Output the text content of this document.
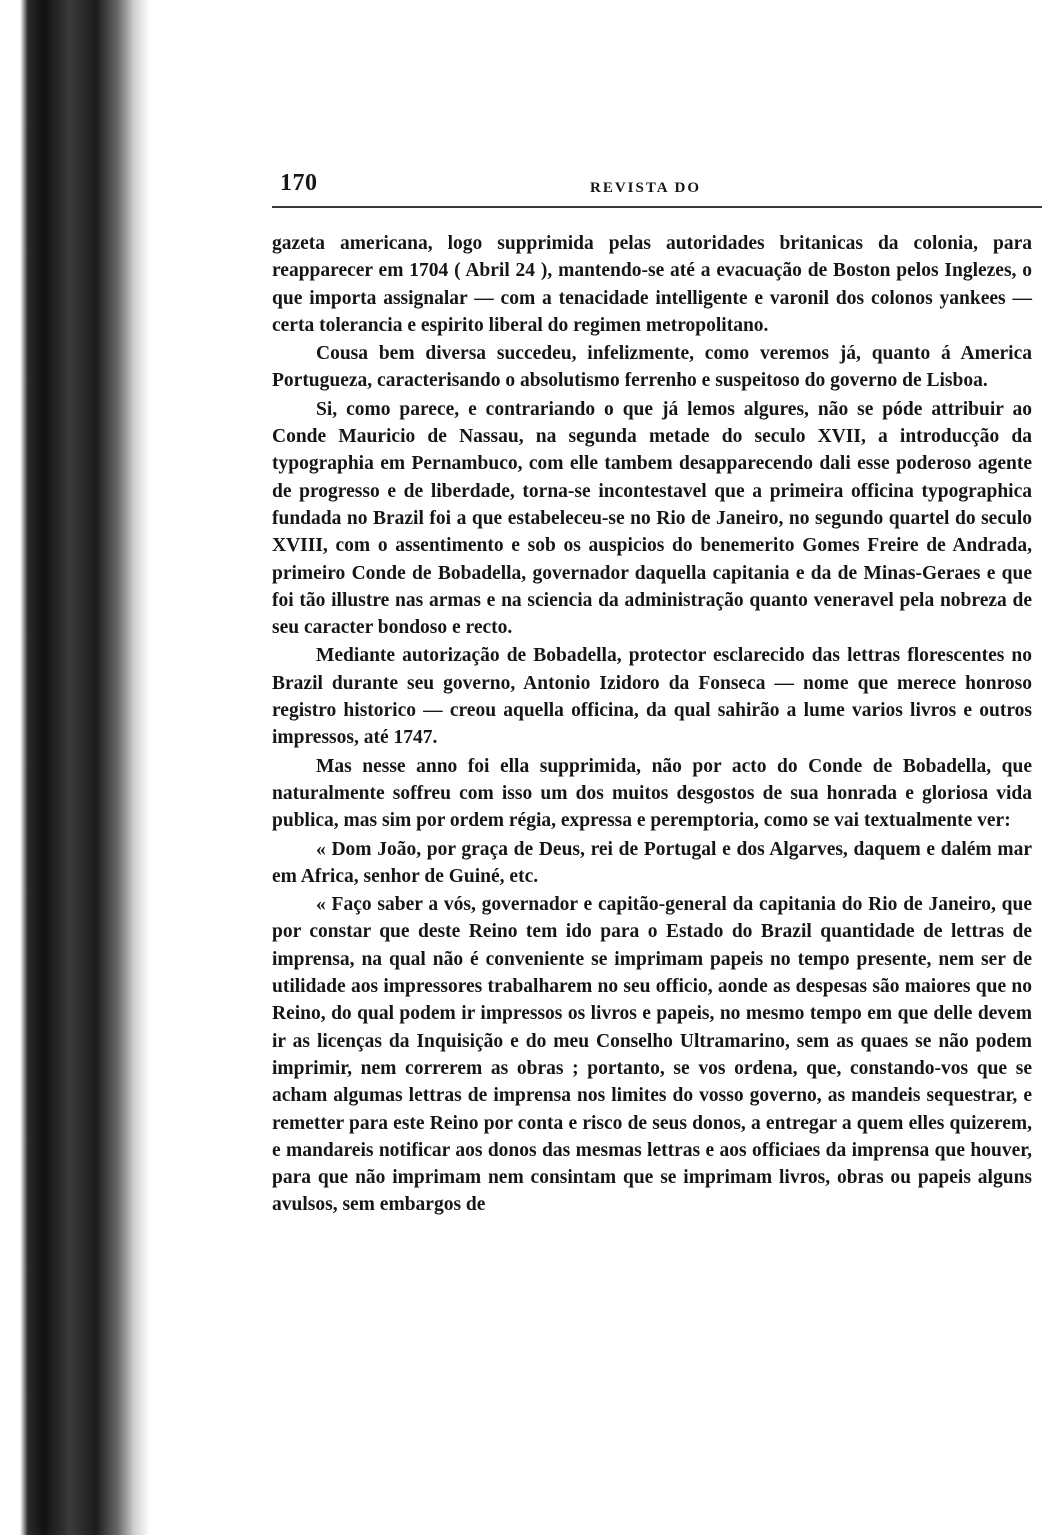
170	REVISTA DO

gazeta americana, logo supprimida pelas autoridades britanicas da colonia, para reapparecer em 1704 ( Abril 24 ), mantendo-se até a evacuação de Boston pelos Inglezes, o que importa assignalar — com a tenacidade intelligente e varonil dos colonos yankees — certa tolerancia e espirito liberal do regimen metropolitano.

Cousa bem diversa succedeu, infelizmente, como veremos já, quanto á America Portugueza, caracterisando o absolutismo ferrenho e suspeitoso do governo de Lisboa.

Si, como parece, e contrariando o que já lemos algures, não se póde attribuir ao Conde Mauricio de Nassau, na segunda metade do seculo XVII, a introducção da typographia em Pernambuco, com elle tambem desapparecendo dali esse poderoso agente de progresso e de liberdade, torna-se incontestavel que a primeira officina typographica fundada no Brazil foi a que estabeleceu-se no Rio de Janeiro, no segundo quartel do seculo XVIII, com o assentimento e sob os auspicios do benemerito Gomes Freire de Andrada, primeiro Conde de Bobadella, governador daquella capitania e da de Minas-Geraes e que foi tão illustre nas armas e na sciencia da administração quanto veneravel pela nobreza de seu caracter bondoso e recto.

Mediante autorização de Bobadella, protector esclarecido das lettras florescentes no Brazil durante seu governo, Antonio Izidoro da Fonseca — nome que merece honroso registro historico — creou aquella officina, da qual sahirão a lume varios livros e outros impressos, até 1747.

Mas nesse anno foi ella supprimida, não por acto do Conde de Bobadella, que naturalmente soffreu com isso um dos muitos desgostos de sua honrada e gloriosa vida publica, mas sim por ordem régia, expressa e peremptoria, como se vai textualmente ver:

« Dom João, por graça de Deus, rei de Portugal e dos Algarves, daquem e dalém mar em Africa, senhor de Guiné, etc.

« Faço saber a vós, governador e capitão-general da capitania do Rio de Janeiro, que por constar que deste Reino tem ido para o Estado do Brazil quantidade de lettras de imprensa, na qual não é conveniente se imprimam papeis no tempo presente, nem ser de utilidade aos impressores trabalharem no seu officio, aonde as despesas são maiores que no Reino, do qual podem ir impressos os livros e papeis, no mesmo tempo em que delle devem ir as licenças da Inquisição e do meu Conselho Ultramarino, sem as quaes se não podem imprimir, nem correrem as obras ; portanto, se vos ordena, que, constando-vos que se acham algumas lettras de imprensa nos limites do vosso governo, as mandeis sequestrar, e remetter para este Reino por conta e risco de seus donos, a entregar a quem elles quizerem, e mandareis notificar aos donos das mesmas lettras e aos officiaes da imprensa que houver, para que não imprimam nem consintam que se imprimam livros, obras ou papeis alguns avulsos, sem embargos de
